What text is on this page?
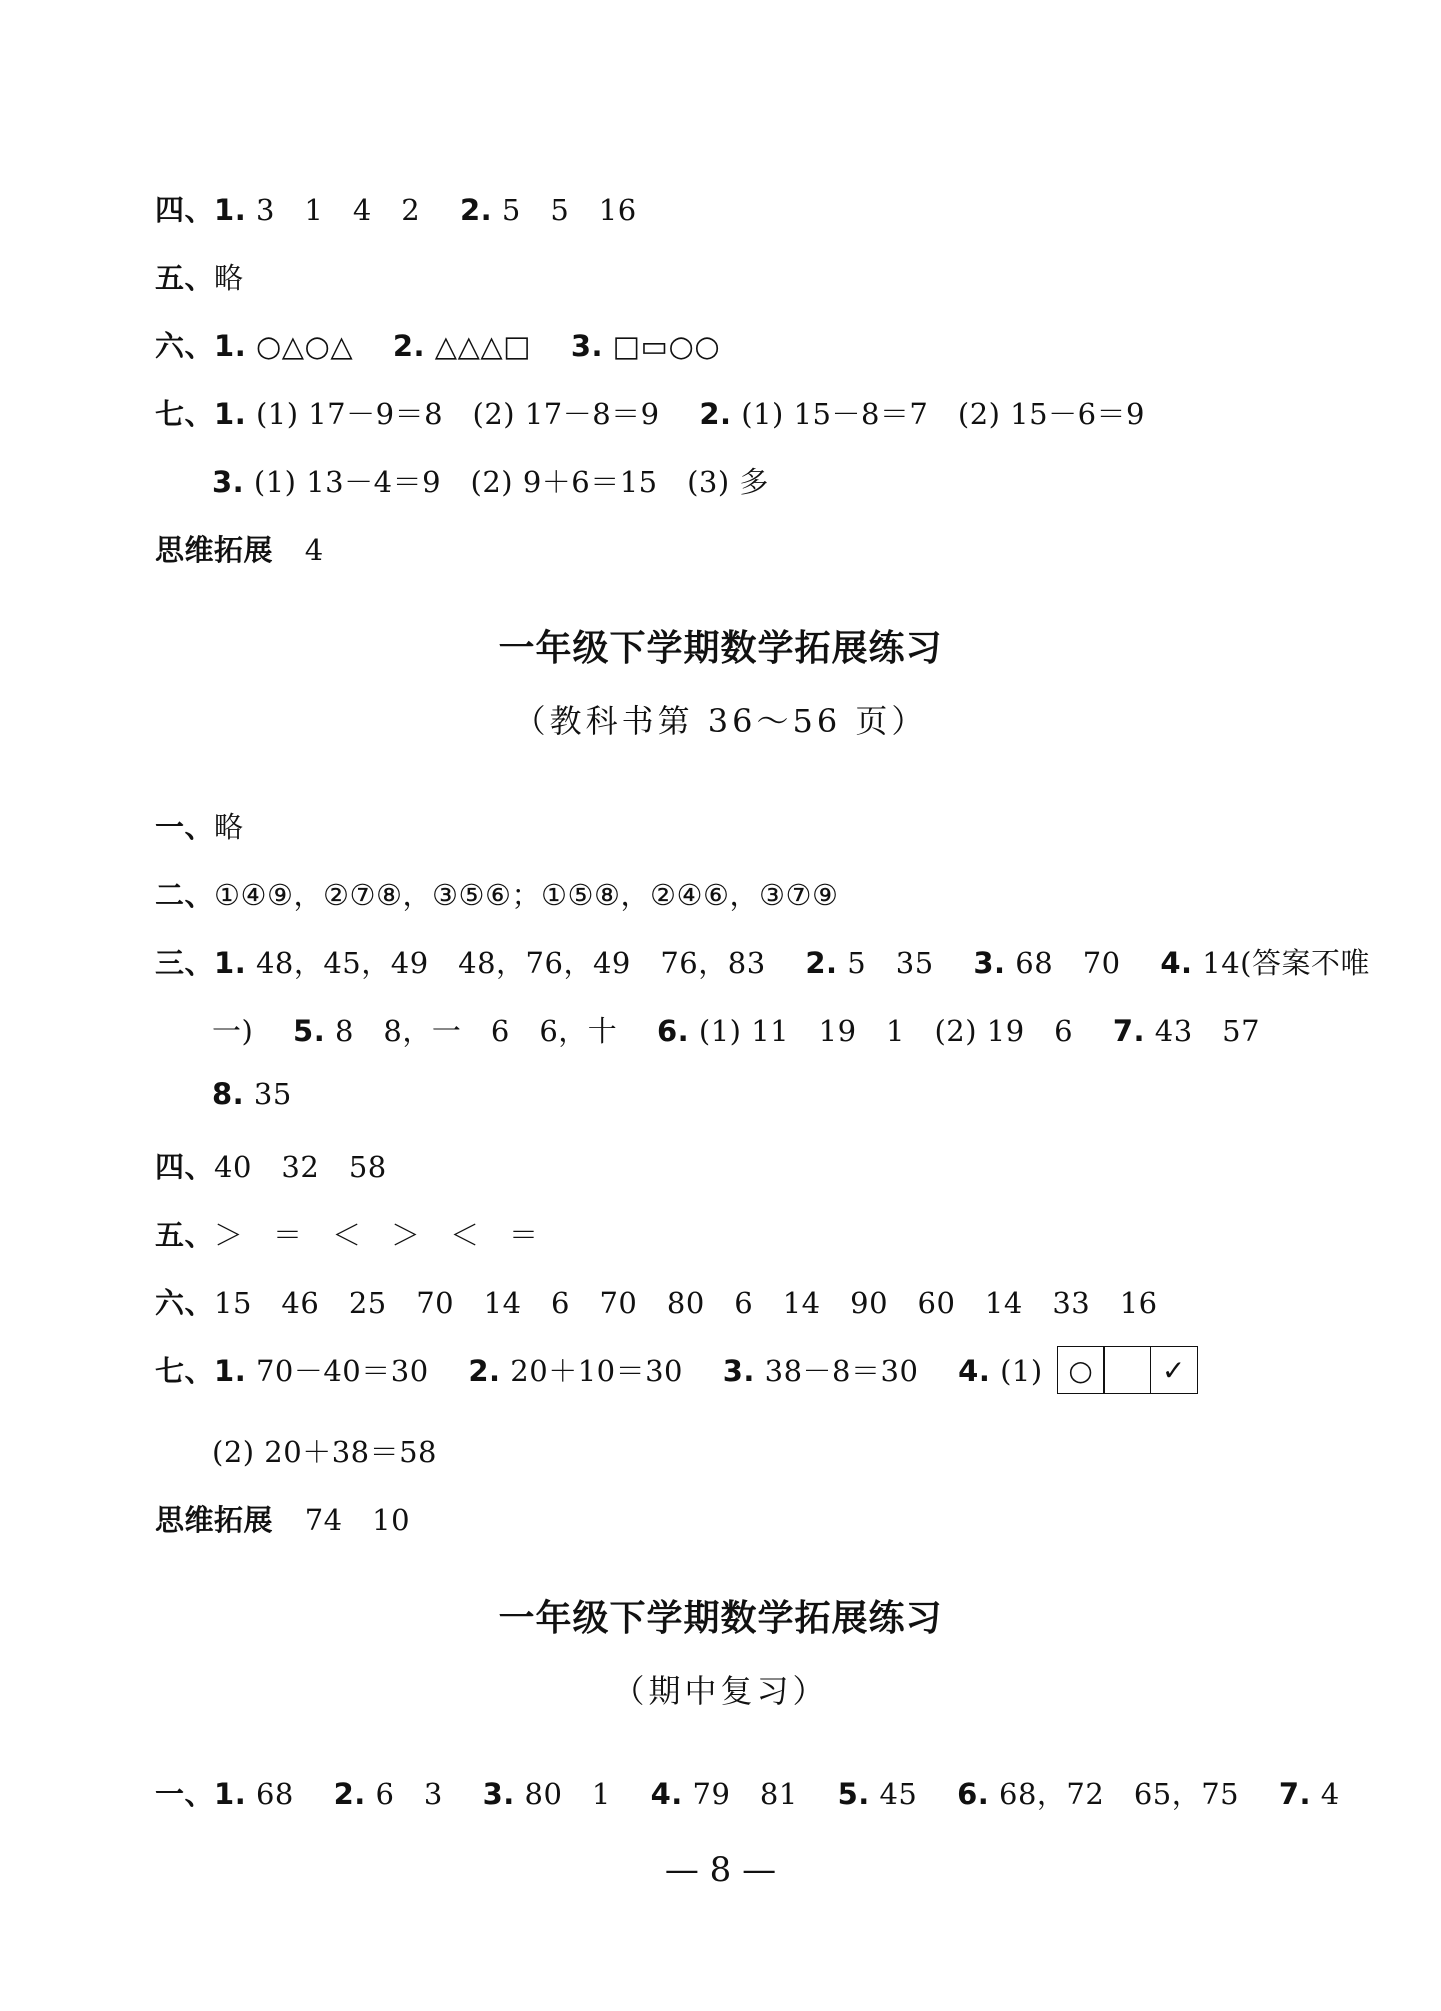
四、1. 3　1　4　2 2. 5　5　16
五、略
六、1. ○△○△ 2. △△△□ 3. □▭○○
七、1. (1) 17－9＝8　(2) 17－8＝9 2. (1) 15－8＝7　(2) 15－6＝9
3. (1) 13－4＝9　(2) 9＋6＝15　(3) 多
思维拓展 4
一年级下学期数学拓展练习
（教科书第 36～56 页）
一、略
二、①④⑨，②⑦⑧，③⑤⑥；①⑤⑧，②④⑥，③⑦⑨
三、1. 48，45，49　48，76，49　76，83 2. 5　35 3. 68　70 4. 14(答案不唯
一) 5. 8　8，一　6　6，十 6. (1) 11　19　1　(2) 19　6 7. 43　57
8. 35
四、40　32　58
五、＞　＝　＜　＞　＜　＝
六、15　46　25　70　14　6　70　80　6　14　90　60　14　33　16
七、1. 70－40＝30 2. 20＋10＝30 3. 38－8＝30 4. (1) ○	✓
(2) 20＋38＝58
思维拓展 74　10
一年级下学期数学拓展练习
（期中复习）
一、1. 68 2. 6　3 3. 80　1 4. 79　81 5. 45 6. 68，72　65，75 7. 4
— 8 —
